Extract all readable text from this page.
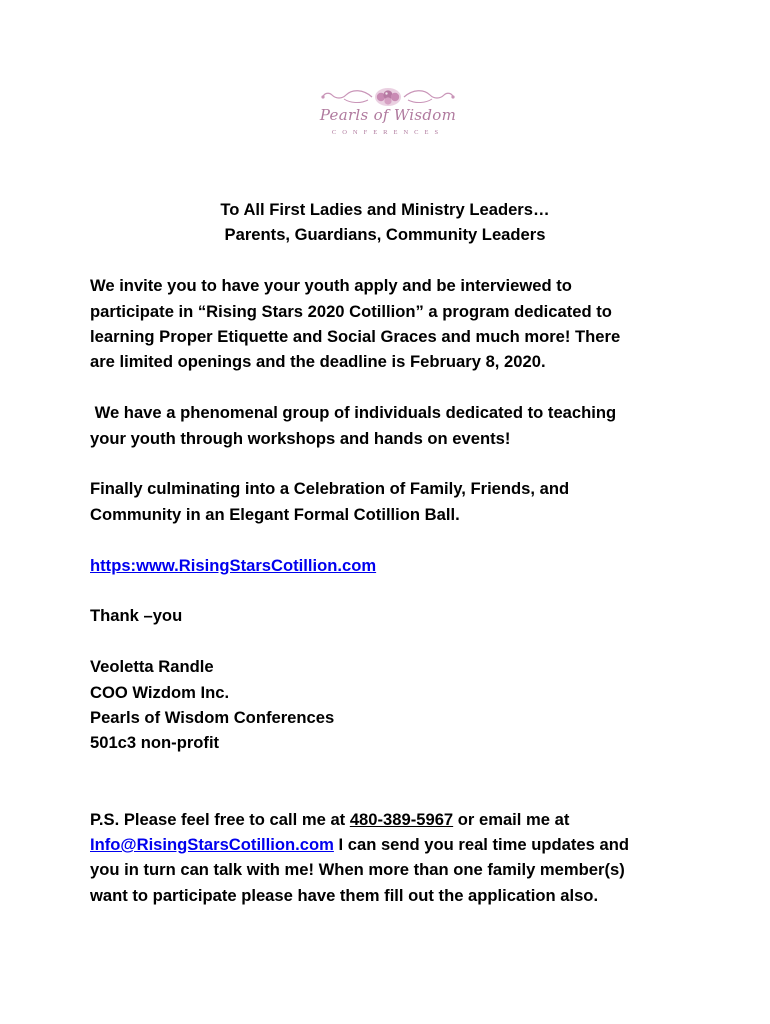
Pearls of Wisdom
CONFERENCES
To All First Ladies and Ministry Leaders…
Parents, Guardians, Community Leaders
We invite you to have your youth apply and be interviewed to
participate in “Rising Stars 2020 Cotillion” a program dedicated to
learning Proper Etiquette and Social Graces and much more! There
are limited openings and the deadline is February 8, 2020.
We have a phenomenal group of individuals dedicated to teaching
your youth through workshops and hands on events!
Finally culminating into a Celebration of Family, Friends, and
Community in an Elegant Formal Cotillion Ball.
https:www.RisingStarsCotillion.com
Thank –you
Veoletta Randle
COO Wizdom Inc.
Pearls of Wisdom Conferences
501c3 non-profit
P.S. Please feel free to call me at 480-389-5967 or email me at
Info@RisingStarsCotillion.com I can send you real time updates and
you in turn can talk with me! When more than one family member(s)
want to participate please have them fill out the application also.
